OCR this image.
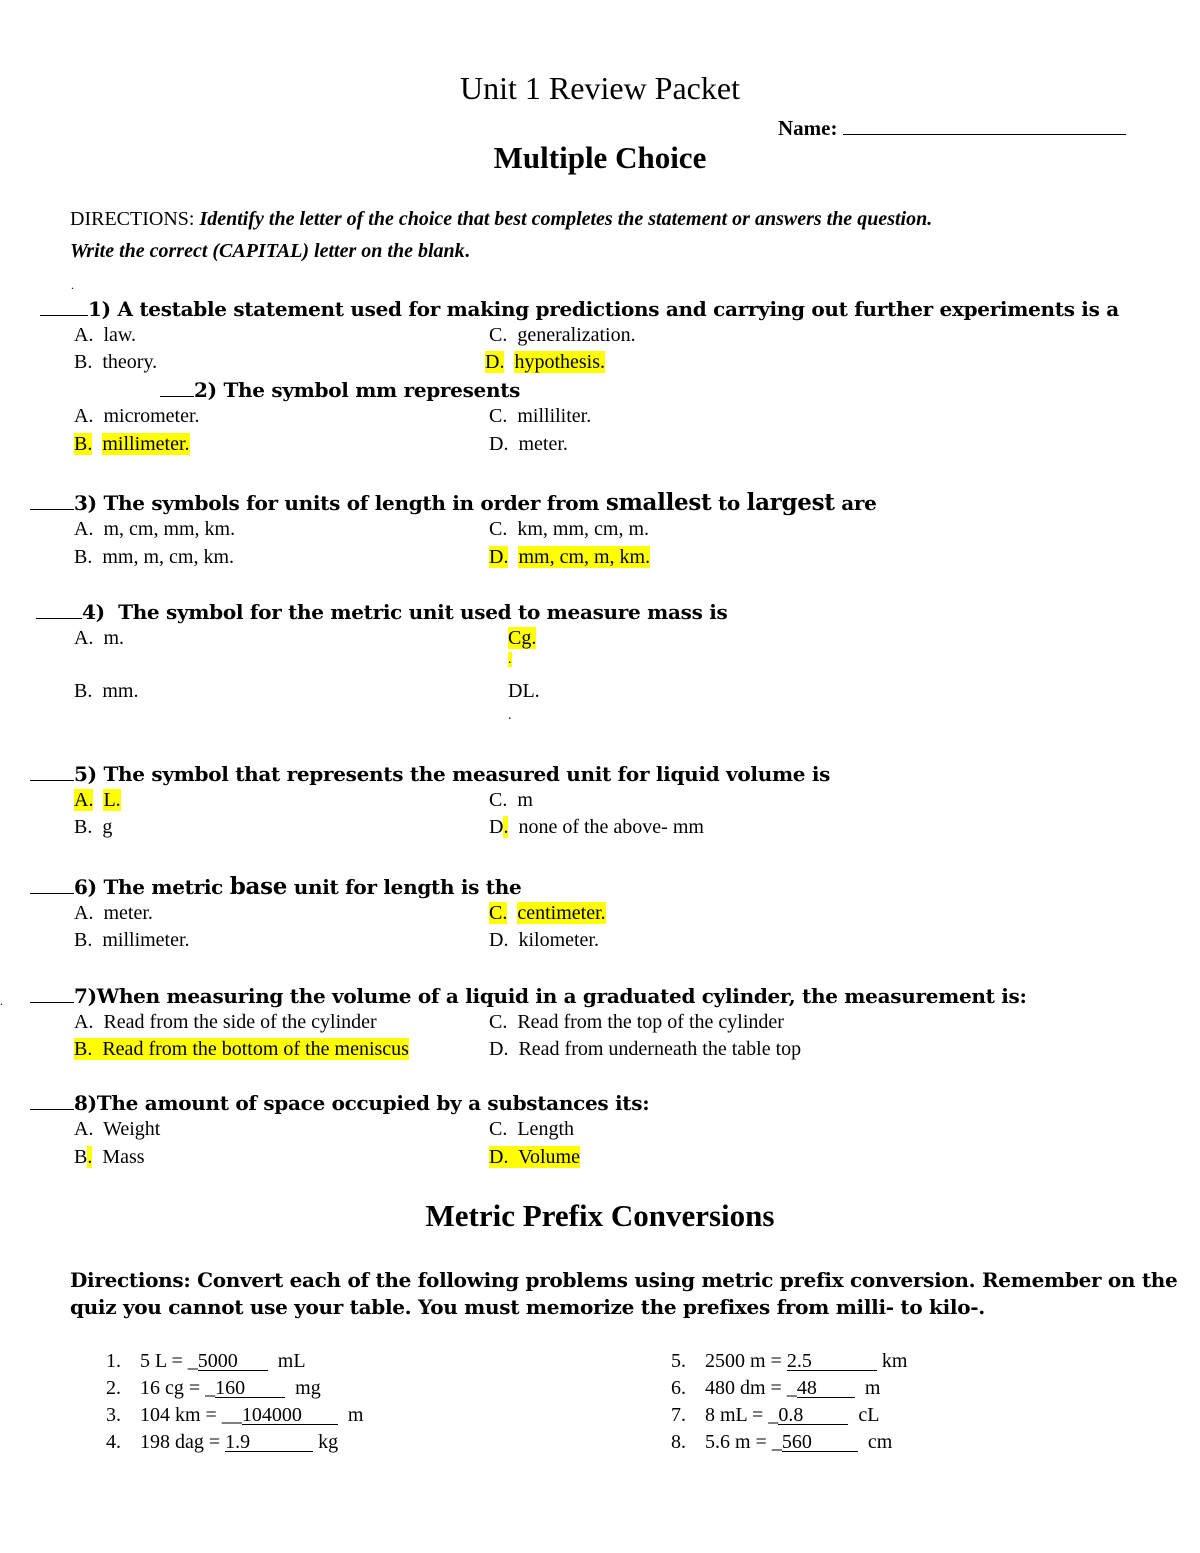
Unit 1 Review Packet
Name:
Multiple Choice
DIRECTIONS: Identify the letter of the choice that best completes the statement or answers the question.
Write the correct (CAPITAL) letter on the blank.
.
1) A testable statement used for making predictions and carrying out further experiments is a
A. law.
B. theory.
C. generalization.
D. hypothesis.
2) The symbol mm represents
A. micrometer.
B. millimeter.
C. milliliter.
D. meter.
3) The symbols for units of length in order from smallest to largest are
A. m, cm, mm, km.
B. mm, m, cm, km.
C. km, mm, cm, m.
D. mm, cm, m, km.
4) The symbol for the metric unit used to measure mass is
A. m.
B. mm.
Cg.
.
DL.
.
5) The symbol that represents the measured unit for liquid volume is
A. L.
B. g
C. m
D. none of the above- mm
6) The metric base unit for length is the
A. meter.
B. millimeter.
C. centimeter.
D. kilometer.
.	7)When measuring the volume of a liquid in a graduated cylinder, the measurement is:
A. Read from the side of the cylinder
B. Read from the bottom of the meniscus
C. Read from the top of the cylinder
D. Read from underneath the table top
8)The amount of space occupied by a substances its:
A. Weight
B. Mass
C. Length
D. Volume
Metric Prefix Conversions
Directions: Convert each of the following problems using metric prefix conversion. Remember on the
quiz you cannot use your table. You must memorize the prefixes from milli- to kilo-.
1. 5 L = _5000 mL
2. 16 cg = _160	mg
3. 104 km = __104000 m
4. 198 dag = 1.9	kg
5. 2500 m = 2.5	km
6. 480 dm = _48 m
7. 8 mL = _0.8	cL
8. 5.6 m = _560	cm
